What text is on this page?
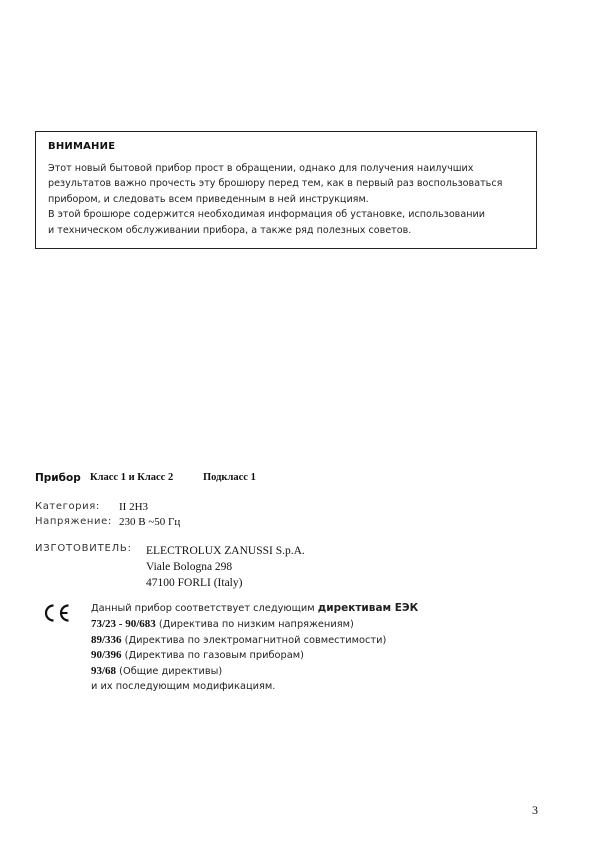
ВНИМАНИЕ

Этот новый бытовой прибор прост в обращении, однако для получения наилучших
результатов важно прочесть эту брошюру перед тем, как в первый раз воспользоваться
прибором, и следовать всем приведенным в ней инструкциям.
В этой брошюре содержится необходимая информация об установке, использовании
и техническом обслуживании прибора, а также ряд полезных советов.

Прибор Класс 1 и Класс 2	Подкласс 1
Категория: II 2H3
Напряжение: 230 В ~50 Гц
ИЗГОТОВИТЕЛЬ: ELECTROLUX ZANUSSI S.p.A.
Viale Bologna 298
47100 FORLI (Italy)
Данный прибор соответствует следующим директивам ЕЭК
73/23 - 90/683 (Директива по низким напряжениям)
89/336 (Директива по электромагнитной совместимости)
90/396 (Директива по газовым приборам)
93/68 (Общие директивы)
и их последующим модификациям.
3
